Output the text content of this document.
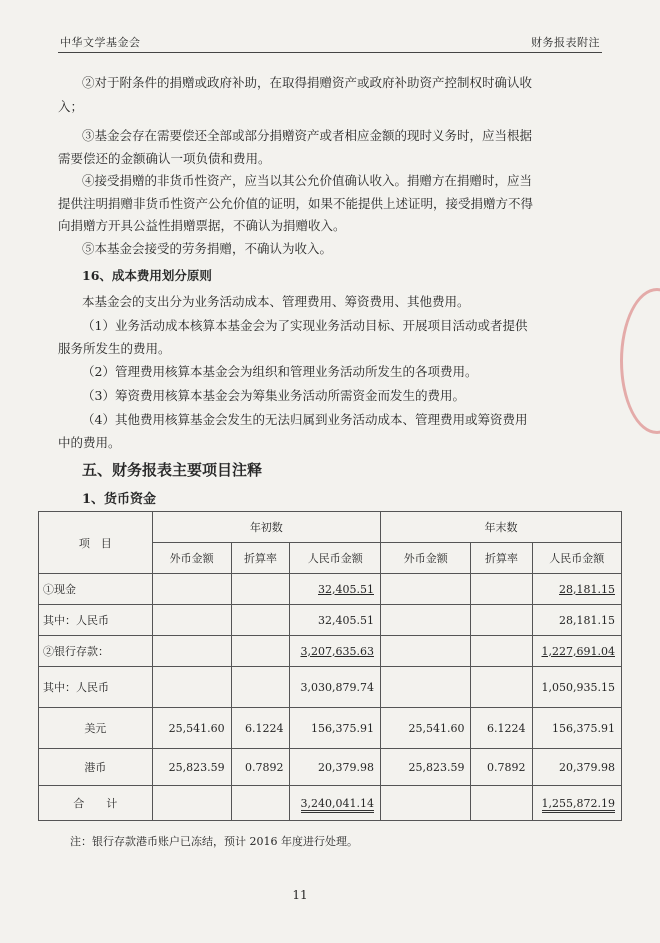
中华文学基金会	财务报表附注
②对于附条件的捐赠或政府补助，在取得捐赠资产或政府补助资产控制权时确认收
入；
③基金会存在需要偿还全部或部分捐赠资产或者相应金额的现时义务时，应当根据
需要偿还的金额确认一项负债和费用。
④接受捐赠的非货币性资产，应当以其公允价值确认收入。捐赠方在捐赠时，应当
提供注明捐赠非货币性资产公允价值的证明，如果不能提供上述证明，接受捐赠方不得
向捐赠方开具公益性捐赠票据，不确认为捐赠收入。
⑤本基金会接受的劳务捐赠，不确认为收入。
16、成本费用划分原则
本基金会的支出分为业务活动成本、管理费用、筹资费用、其他费用。
（1）业务活动成本核算本基金会为了实现业务活动目标、开展项目活动或者提供
服务所发生的费用。
（2）管理费用核算本基金会为组织和管理业务活动所发生的各项费用。
（3）筹资费用核算本基金会为筹集业务活动所需资金而发生的费用。
（4）其他费用核算基金会发生的无法归属到业务活动成本、管理费用或筹资费用
中的费用。
五、财务报表主要项目注释
1、货币资金
项　目	年初数			年末数		
	外币金额	折算率	人民币金额	外币金额	折算率	人民币金额
①现金			32,405.51			28,181.15
其中：人民币			32,405.51			28,181.15
②银行存款：			3,207,635.63			1,227,691.04
其中：人民币			3,030,879.74			1,050,935.15
美元	25,541.60	6.1224	156,375.91	25,541.60	6.1224	156,375.91
港币	25,823.59	0.7892	20,379.98	25,823.59	0.7892	20,379.98
合　　计			3,240,041.14			1,255,872.19
注：银行存款港币账户已冻结，预计 2016 年度进行处理。
11
